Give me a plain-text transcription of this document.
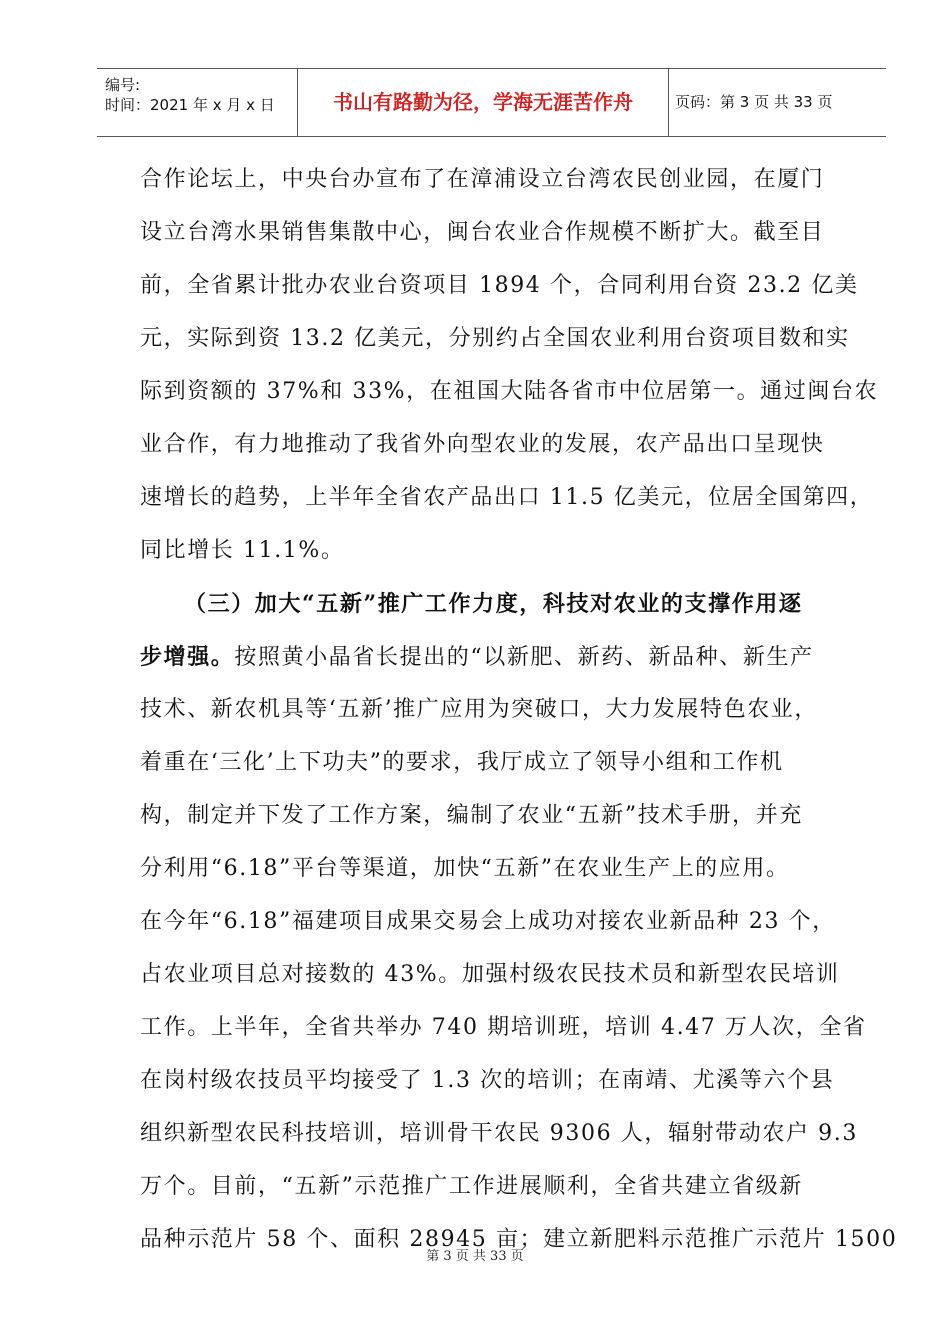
编号:
时间：2021 年 x 月 x 日	书山有路勤为径，学海无涯苦作舟	页码：第 3 页 共 33 页
合作论坛上，中央台办宣布了在漳浦设立台湾农民创业园，在厦门
设立台湾水果销售集散中心，闽台农业合作规模不断扩大。截至目
前，全省累计批办农业台资项目 1894 个，合同利用台资 23.2 亿美
元，实际到资 13.2 亿美元，分别约占全国农业利用台资项目数和实
际到资额的 37%和 33%，在祖国大陆各省市中位居第一。通过闽台农
业合作，有力地推动了我省外向型农业的发展，农产品出口呈现快
速增长的趋势，上半年全省农产品出口 11.5 亿美元，位居全国第四，
同比增长 11.1%。
（三）加大“五新”推广工作力度，科技对农业的支撑作用逐
步增强。按照黄小晶省长提出的“以新肥、新药、新品种、新生产
技术、新农机具等‘五新’推广应用为突破口，大力发展特色农业，
着重在‘三化’上下功夫”的要求，我厅成立了领导小组和工作机
构，制定并下发了工作方案，编制了农业“五新”技术手册，并充
分利用“6.18”平台等渠道，加快“五新”在农业生产上的应用。
在今年“6.18”福建项目成果交易会上成功对接农业新品种 23 个，
占农业项目总对接数的 43%。加强村级农民技术员和新型农民培训
工作。上半年，全省共举办 740 期培训班，培训 4.47 万人次，全省
在岗村级农技员平均接受了 1.3 次的培训；在南靖、尤溪等六个县
组织新型农民科技培训，培训骨干农民 9306 人，辐射带动农户 9.3
万个。目前，“五新”示范推广工作进展顺利，全省共建立省级新
品种示范片 58 个、面积 28945 亩；建立新肥料示范推广示范片 1500
第 3 页 共 33 页
